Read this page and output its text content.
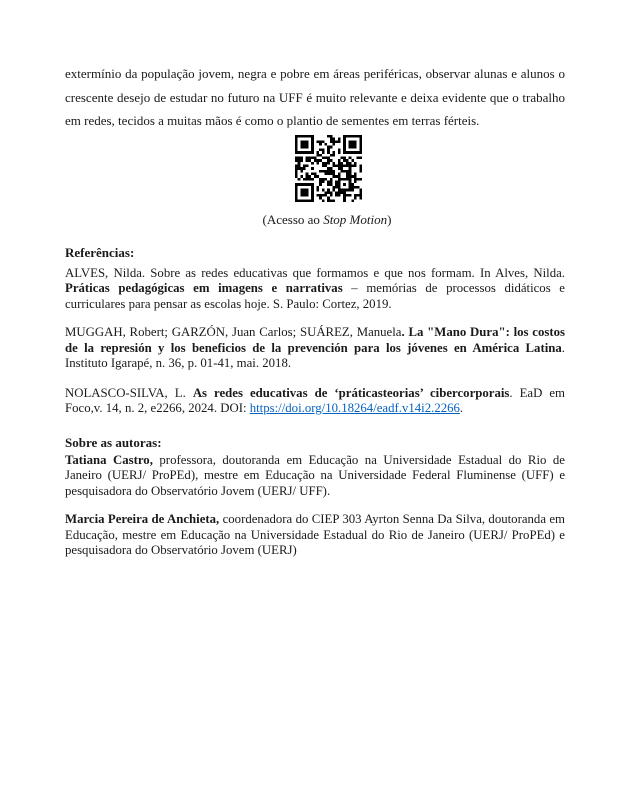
extermínio da população jovem, negra e pobre em áreas periféricas, observar alunas e alunos o crescente desejo de estudar no futuro na UFF é muito relevante e deixa evidente que o trabalho em redes, tecidos a muitas mãos é como o plantio de sementes em terras férteis.

(Acesso ao Stop Motion)

Referências:

ALVES, Nilda. Sobre as redes educativas que formamos e que nos formam. In Alves, Nilda. Práticas pedagógicas em imagens e narrativas – memórias de processos didáticos e curriculares para pensar as escolas hoje. S. Paulo: Cortez, 2019.

MUGGAH, Robert; GARZÓN, Juan Carlos; SUÁREZ, Manuela. La "Mano Dura": los costos de la represión y los beneficios de la prevención para los jóvenes en América Latina. Instituto Igarapé, n. 36, p. 01-41, mai. 2018.

NOLASCO-SILVA, L. As redes educativas de ‘práticasteorias’ cibercorporais. EaD em Foco,v. 14, n. 2, e2266, 2024. DOI: https://doi.org/10.18264/eadf.v14i2.2266.

Sobre as autoras:

Tatiana Castro, professora, doutoranda em Educação na Universidade Estadual do Rio de Janeiro (UERJ/ ProPEd), mestre em Educação na Universidade Federal Fluminense (UFF) e pesquisadora do Observatório Jovem (UERJ/ UFF).

Marcia Pereira de Anchieta, coordenadora do CIEP 303 Ayrton Senna Da Silva, doutoranda em Educação, mestre em Educação na Universidade Estadual do Rio de Janeiro (UERJ/ ProPEd) e pesquisadora do Observatório Jovem (UERJ)
